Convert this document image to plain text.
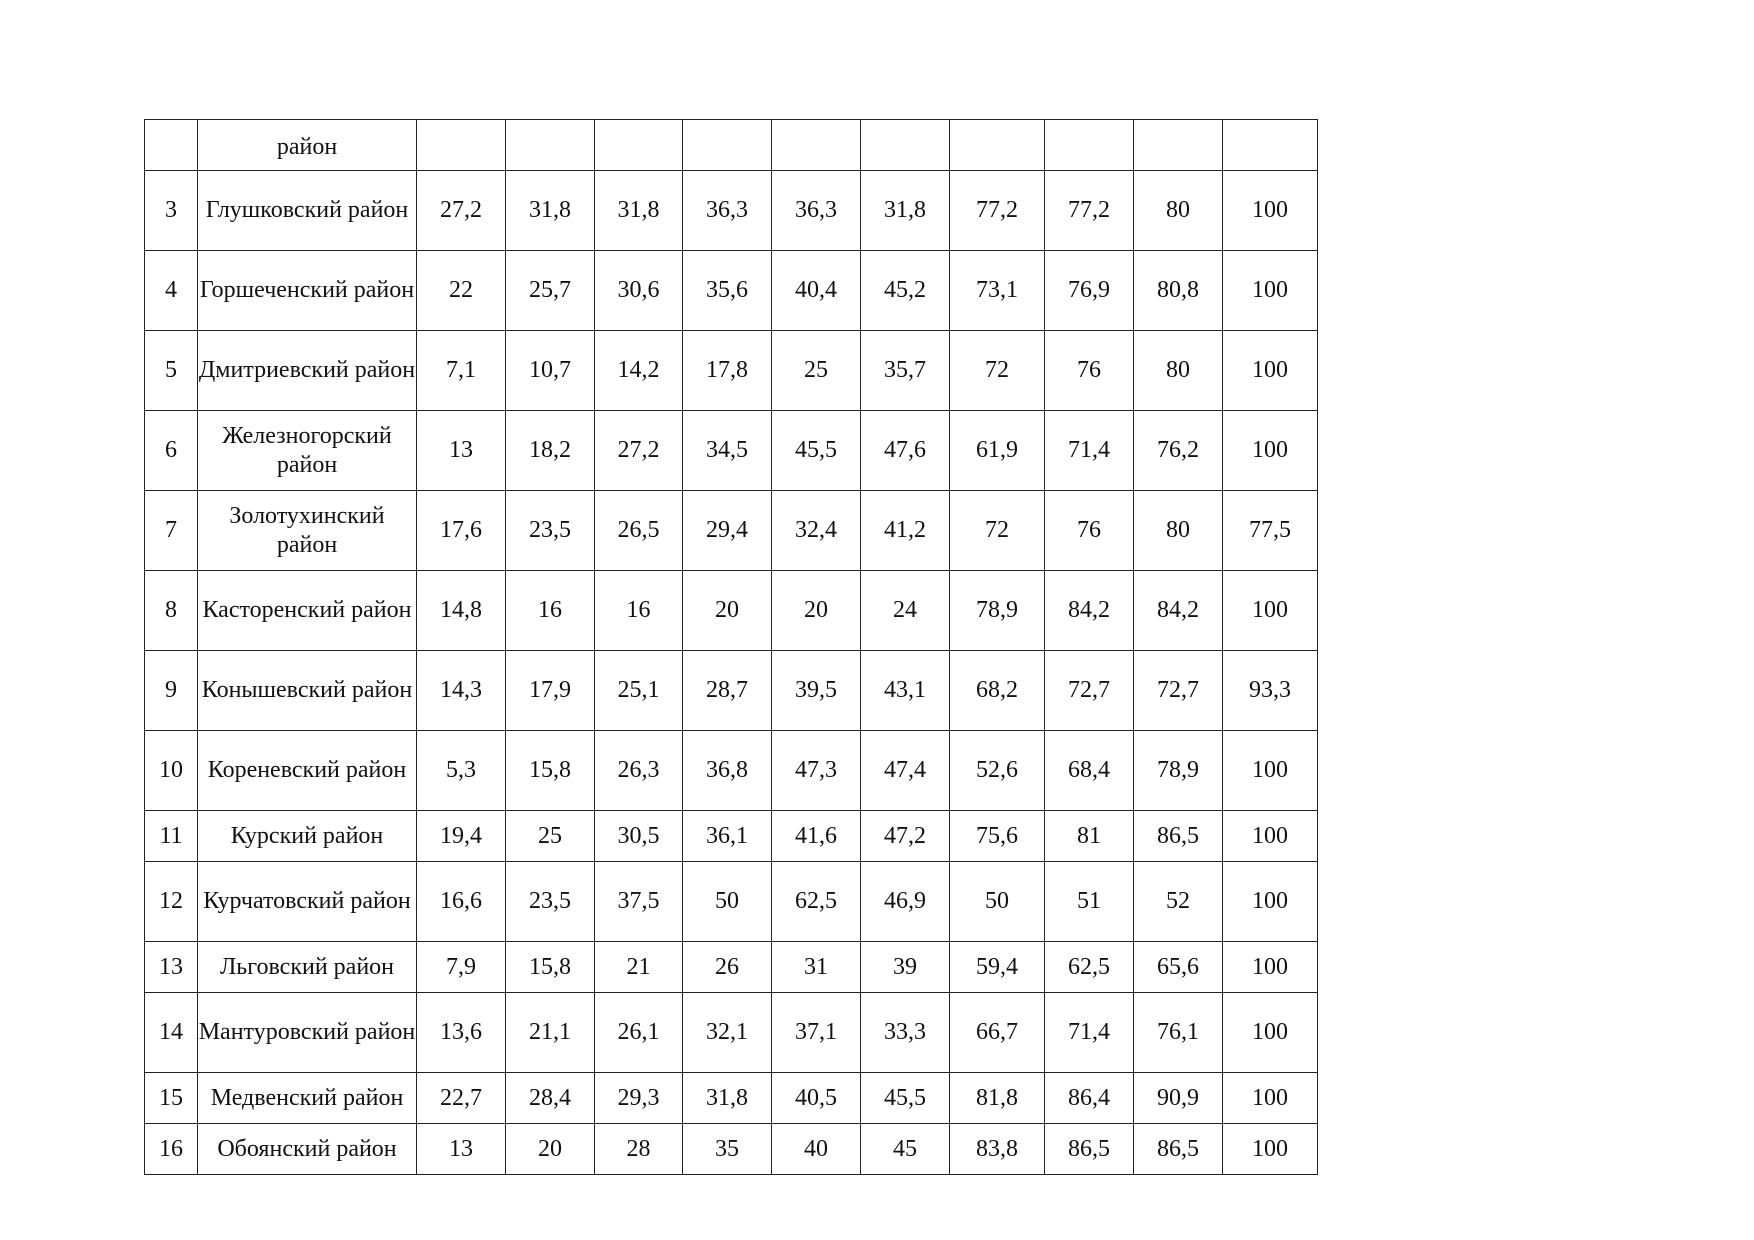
	район										
3	Глушковский район	27,2	31,8	31,8	36,3	36,3	31,8	77,2	77,2	80	100
4	Горшеченский район	22	25,7	30,6	35,6	40,4	45,2	73,1	76,9	80,8	100
5	Дмитриевский район	7,1	10,7	14,2	17,8	25	35,7	72	76	80	100
6	Железногорский район	13	18,2	27,2	34,5	45,5	47,6	61,9	71,4	76,2	100
7	Золотухинский район	17,6	23,5	26,5	29,4	32,4	41,2	72	76	80	77,5
8	Касторенский район	14,8	16	16	20	20	24	78,9	84,2	84,2	100
9	Конышевский район	14,3	17,9	25,1	28,7	39,5	43,1	68,2	72,7	72,7	93,3
10	Кореневский район	5,3	15,8	26,3	36,8	47,3	47,4	52,6	68,4	78,9	100
11	Курский район	19,4	25	30,5	36,1	41,6	47,2	75,6	81	86,5	100
12	Курчатовский район	16,6	23,5	37,5	50	62,5	46,9	50	51	52	100
13	Льговский район	7,9	15,8	21	26	31	39	59,4	62,5	65,6	100
14	Мантуровский район	13,6	21,1	26,1	32,1	37,1	33,3	66,7	71,4	76,1	100
15	Медвенский район	22,7	28,4	29,3	31,8	40,5	45,5	81,8	86,4	90,9	100
16	Обоянский район	13	20	28	35	40	45	83,8	86,5	86,5	100
